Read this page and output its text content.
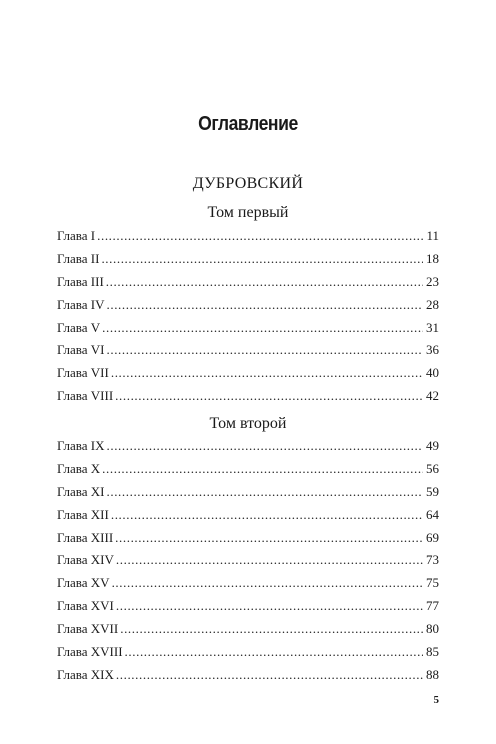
Оглавление
ДУБРОВСКИЙ
Том первый
Глава I .....	11
Глава II .....	18
Глава III .....	23
Глава IV .....	28
Глава V .....	31
Глава VI .....	36
Глава VII .....	40
Глава VIII .....	42
Том второй
Глава IX .....	49
Глава X .....	56
Глава XI .....	59
Глава XII .....	64
Глава XIII .....	69
Глава XIV .....	73
Глава XV .....	75
Глава XVI .....	77
Глава XVII .....	80
Глава XVIII .....	85
Глава XIX .....	88
5
